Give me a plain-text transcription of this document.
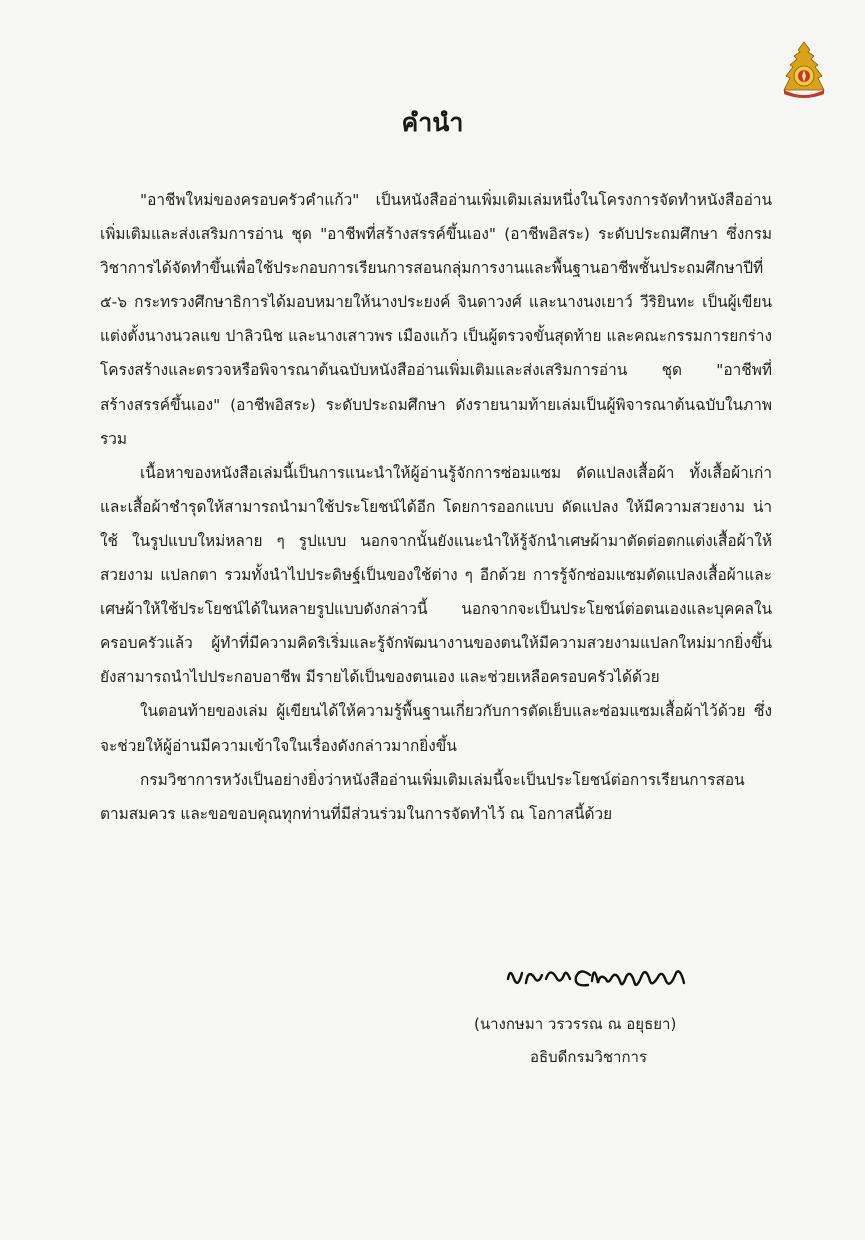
คำนำ

"อาชีพใหม่ของครอบครัวคำแก้ว" เป็นหนังสืออ่านเพิ่มเติมเล่มหนึ่งในโครงการจัดทำหนังสืออ่านเพิ่มเติมและส่งเสริมการอ่าน ชุด "อาชีพที่สร้างสรรค์ขึ้นเอง" (อาชีพอิสระ) ระดับประถมศึกษา ซึ่งกรมวิชาการได้จัดทำขึ้นเพื่อใช้ประกอบการเรียนการสอนกลุ่มการงานและพื้นฐานอาชีพชั้นประถมศึกษาปีที่ ๕-๖ กระทรวงศึกษาธิการได้มอบหมายให้นางประยงค์ จินดาวงศ์ และนางนงเยาว์ วีริยินทะ เป็นผู้เขียน แต่งตั้งนางนวลแข ปาลิวนิช และนางเสาวพร เมืองแก้ว เป็นผู้ตรวจขั้นสุดท้าย และคณะกรรมการยกร่างโครงสร้างและตรวจหรือพิจารณาต้นฉบับหนังสืออ่านเพิ่มเติมและส่งเสริมการอ่าน ชุด "อาชีพที่สร้างสรรค์ขึ้นเอง" (อาชีพอิสระ) ระดับประถมศึกษา ดังรายนามท้ายเล่มเป็นผู้พิจารณาต้นฉบับในภาพรวม

เนื้อหาของหนังสือเล่มนี้เป็นการแนะนำให้ผู้อ่านรู้จักการซ่อมแซม ดัดแปลงเสื้อผ้า ทั้งเสื้อผ้าเก่าและเสื้อผ้าชำรุดให้สามารถนำมาใช้ประโยชน์ได้อีก โดยการออกแบบ ดัดแปลง ให้มีความสวยงาม น่าใช้ ในรูปแบบใหม่หลาย ๆ รูปแบบ นอกจากนั้นยังแนะนำให้รู้จักนำเศษผ้ามาตัดต่อตกแต่งเสื้อผ้าให้สวยงาม แปลกตา รวมทั้งนำไปประดิษฐ์เป็นของใช้ต่าง ๆ อีกด้วย การรู้จักซ่อมแซมดัดแปลงเสื้อผ้าและเศษผ้าให้ใช้ประโยชน์ได้ในหลายรูปแบบดังกล่าวนี้ นอกจากจะเป็นประโยชน์ต่อตนเองและบุคคลในครอบครัวแล้ว ผู้ทำที่มีความคิดริเริ่มและรู้จักพัฒนางานของตนให้มีความสวยงามแปลกใหม่มากยิ่งขึ้น ยังสามารถนำไปประกอบอาชีพ มีรายได้เป็นของตนเอง และช่วยเหลือครอบครัวได้ด้วย

ในตอนท้ายของเล่ม ผู้เขียนได้ให้ความรู้พื้นฐานเกี่ยวกับการตัดเย็บและซ่อมแซมเสื้อผ้าไว้ด้วย ซึ่งจะช่วยให้ผู้อ่านมีความเข้าใจในเรื่องดังกล่าวมากยิ่งขึ้น

กรมวิชาการหวังเป็นอย่างยิ่งว่าหนังสืออ่านเพิ่มเติมเล่มนี้จะเป็นประโยชน์ต่อการเรียนการสอนตามสมควร และขอขอบคุณทุกท่านที่มีส่วนร่วมในการจัดทำไว้ ณ โอกาสนี้ด้วย

(นางกษมา วรวรรณ ณ อยุธยา)
อธิบดีกรมวิชาการ
